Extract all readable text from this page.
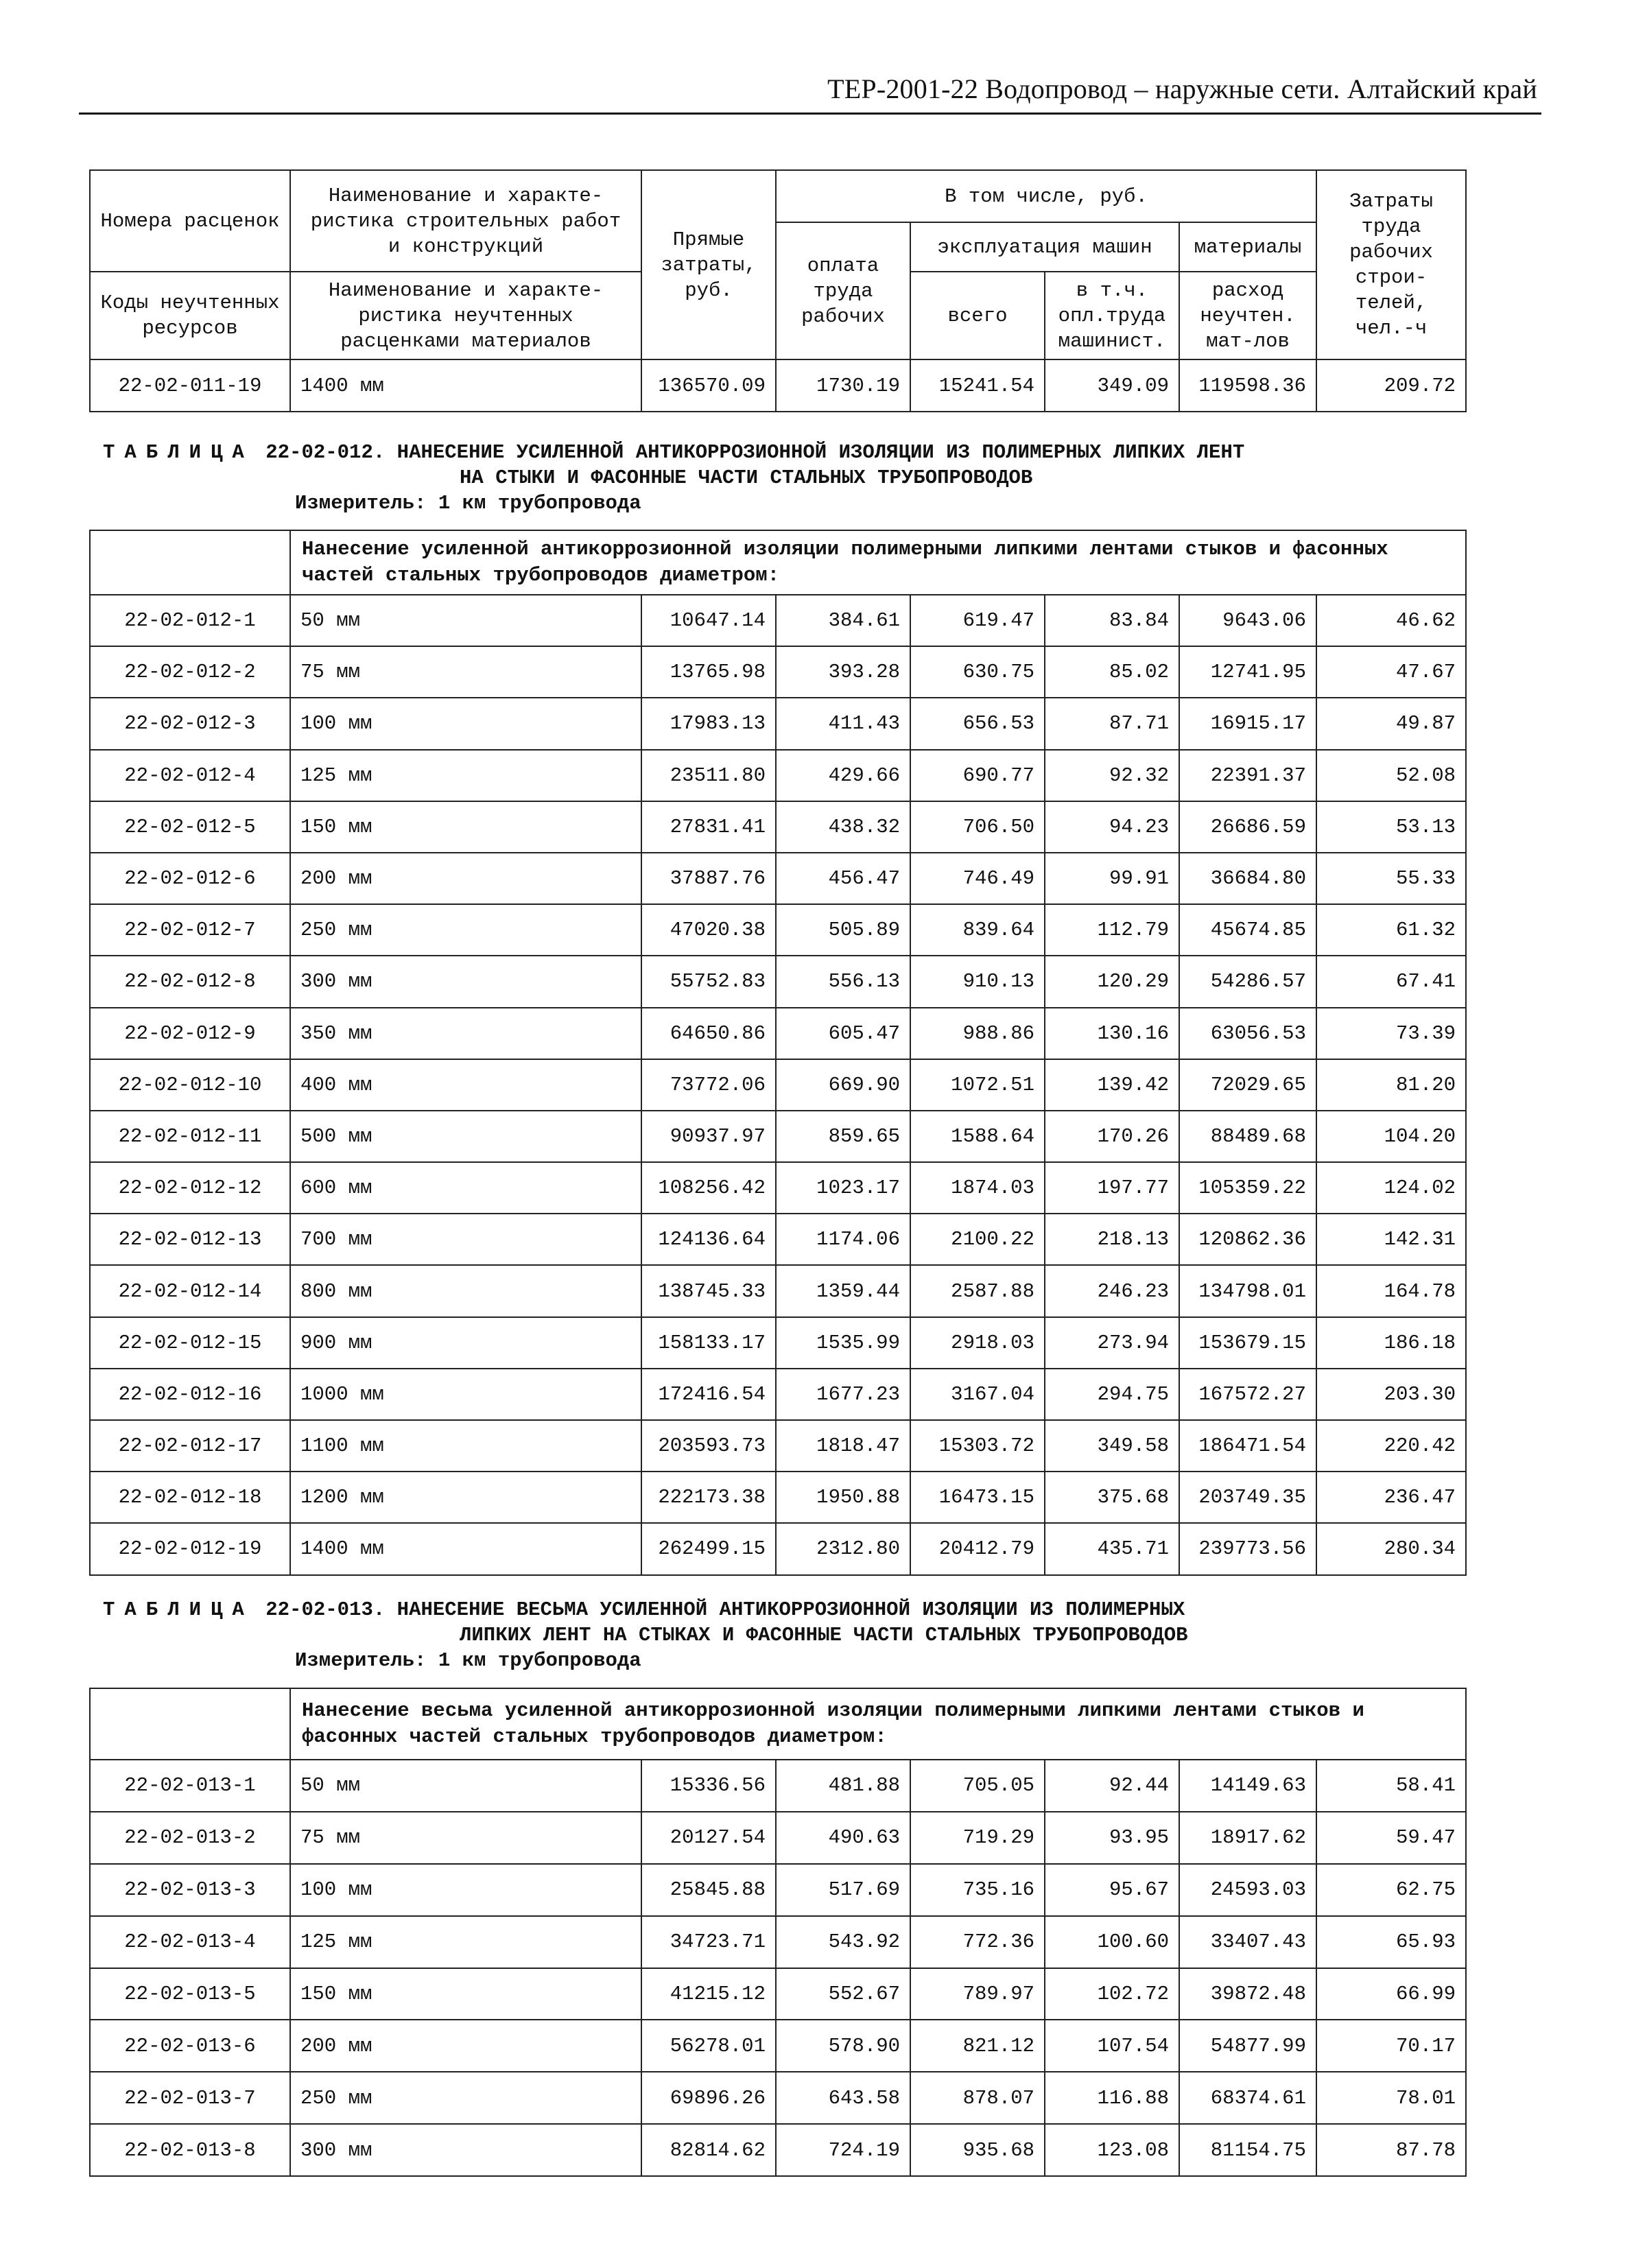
ТЕР-2001-22 Водопровод – наружные сети. Алтайский край
Номера расценок	Наименование и характе-ристика строительных работ и конструкций	Прямые затраты, руб.	В том числе, руб.				Затраты труда рабочих строи-телей, чел.-ч
			оплата труда рабочих	эксплуатация машин		материалы	
Коды неучтенных ресурсов	Наименование и характе-ристика неучтенных расценками материалов			всего	в т.ч. опл.труда машинист.	расход неучтен. мат-лов	
22-02-011-19	1400 мм	136570.09	1730.19	15241.54	349.09	119598.36	209.72
ТАБЛИЦА 22-02-012. НАНЕСЕНИЕ УСИЛЕННОЙ АНТИКОРРОЗИОННОЙ ИЗОЛЯЦИИ ИЗ ПОЛИМЕРНЫХ ЛИПКИХ ЛЕНТ
НА СТЫКИ И ФАСОННЫЕ ЧАСТИ СТАЛЬНЫХ ТРУБОПРОВОДОВ
Измеритель: 1 км трубопровода
	Нанесение усиленной антикоррозионной изоляции полимерными липкими лентами стыков и фасонных частей стальных трубопроводов диаметром:						
22-02-012-1	50 мм	10647.14	384.61	619.47	83.84	9643.06	46.62
22-02-012-2	75 мм	13765.98	393.28	630.75	85.02	12741.95	47.67
22-02-012-3	100 мм	17983.13	411.43	656.53	87.71	16915.17	49.87
22-02-012-4	125 мм	23511.80	429.66	690.77	92.32	22391.37	52.08
22-02-012-5	150 мм	27831.41	438.32	706.50	94.23	26686.59	53.13
22-02-012-6	200 мм	37887.76	456.47	746.49	99.91	36684.80	55.33
22-02-012-7	250 мм	47020.38	505.89	839.64	112.79	45674.85	61.32
22-02-012-8	300 мм	55752.83	556.13	910.13	120.29	54286.57	67.41
22-02-012-9	350 мм	64650.86	605.47	988.86	130.16	63056.53	73.39
22-02-012-10	400 мм	73772.06	669.90	1072.51	139.42	72029.65	81.20
22-02-012-11	500 мм	90937.97	859.65	1588.64	170.26	88489.68	104.20
22-02-012-12	600 мм	108256.42	1023.17	1874.03	197.77	105359.22	124.02
22-02-012-13	700 мм	124136.64	1174.06	2100.22	218.13	120862.36	142.31
22-02-012-14	800 мм	138745.33	1359.44	2587.88	246.23	134798.01	164.78
22-02-012-15	900 мм	158133.17	1535.99	2918.03	273.94	153679.15	186.18
22-02-012-16	1000 мм	172416.54	1677.23	3167.04	294.75	167572.27	203.30
22-02-012-17	1100 мм	203593.73	1818.47	15303.72	349.58	186471.54	220.42
22-02-012-18	1200 мм	222173.38	1950.88	16473.15	375.68	203749.35	236.47
22-02-012-19	1400 мм	262499.15	2312.80	20412.79	435.71	239773.56	280.34
ТАБЛИЦА 22-02-013. НАНЕСЕНИЕ ВЕСЬМА УСИЛЕННОЙ АНТИКОРРОЗИОННОЙ ИЗОЛЯЦИИ ИЗ ПОЛИМЕРНЫХ
ЛИПКИХ ЛЕНТ НА СТЫКАХ И ФАСОННЫЕ ЧАСТИ СТАЛЬНЫХ ТРУБОПРОВОДОВ
Измеритель: 1 км трубопровода
	Нанесение весьма усиленной антикоррозионной изоляции полимерными липкими лентами стыков и фасонных частей стальных трубопроводов диаметром:						
22-02-013-1	50 мм	15336.56	481.88	705.05	92.44	14149.63	58.41
22-02-013-2	75 мм	20127.54	490.63	719.29	93.95	18917.62	59.47
22-02-013-3	100 мм	25845.88	517.69	735.16	95.67	24593.03	62.75
22-02-013-4	125 мм	34723.71	543.92	772.36	100.60	33407.43	65.93
22-02-013-5	150 мм	41215.12	552.67	789.97	102.72	39872.48	66.99
22-02-013-6	200 мм	56278.01	578.90	821.12	107.54	54877.99	70.17
22-02-013-7	250 мм	69896.26	643.58	878.07	116.88	68374.61	78.01
22-02-013-8	300 мм	82814.62	724.19	935.68	123.08	81154.75	87.78
